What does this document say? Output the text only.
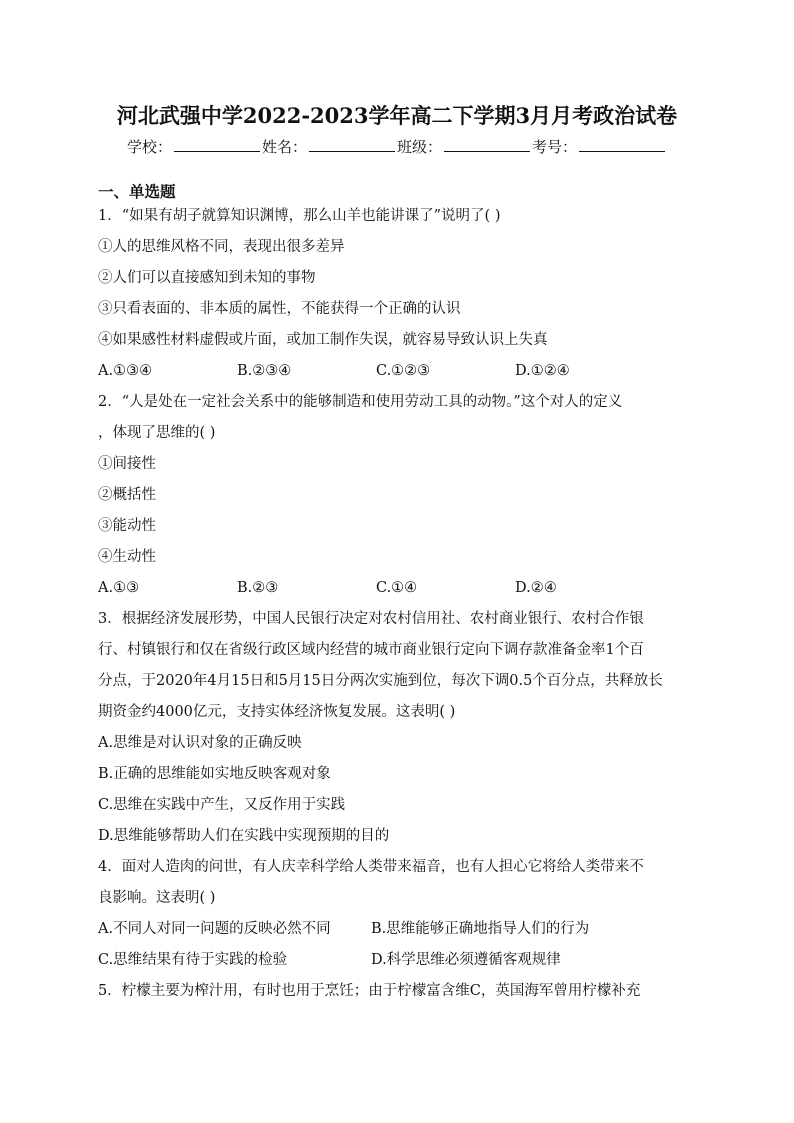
河北武强中学2022-2023学年高二下学期3月月考政治试卷
学校：	姓名：	班级：	考号：
一、单选题
1．“如果有胡子就算知识渊博，那么山羊也能讲课了”说明了( )
①人的思维风格不同，表现出很多差异
②人们可以直接感知到未知的事物
③只看表面的、非本质的属性，不能获得一个正确的认识
④如果感性材料虚假或片面，或加工制作失误，就容易导致认识上失真
A.①③④	B.②③④	C.①②③	D.①②④
2．“人是处在一定社会关系中的能够制造和使用劳动工具的动物。”这个对人的定义
，体现了思维的( )
①间接性
②概括性
③能动性
④生动性
A.①③	B.②③	C.①④	D.②④
3．根据经济发展形势，中国人民银行决定对农村信用社、农村商业银行、农村合作银
行、村镇银行和仅在省级行政区域内经营的城市商业银行定向下调存款准备金率1个百
分点，于2020年4月15日和5月15日分两次实施到位，每次下调0.5个百分点，共释放长
期资金约4000亿元，支持实体经济恢复发展。这表明( )
A.思维是对认识对象的正确反映
B.正确的思维能如实地反映客观对象
C.思维在实践中产生，又反作用于实践
D.思维能够帮助人们在实践中实现预期的目的
4．面对人造肉的问世，有人庆幸科学给人类带来福音，也有人担心它将给人类带来不
良影响。这表明( )
A.不同人对同一问题的反映必然不同	B.思维能够正确地指导人们的行为
C.思维结果有待于实践的检验	D.科学思维必须遵循客观规律
5．柠檬主要为榨汁用，有时也用于烹饪；由于柠檬富含维C，英国海军曾用柠檬补充
